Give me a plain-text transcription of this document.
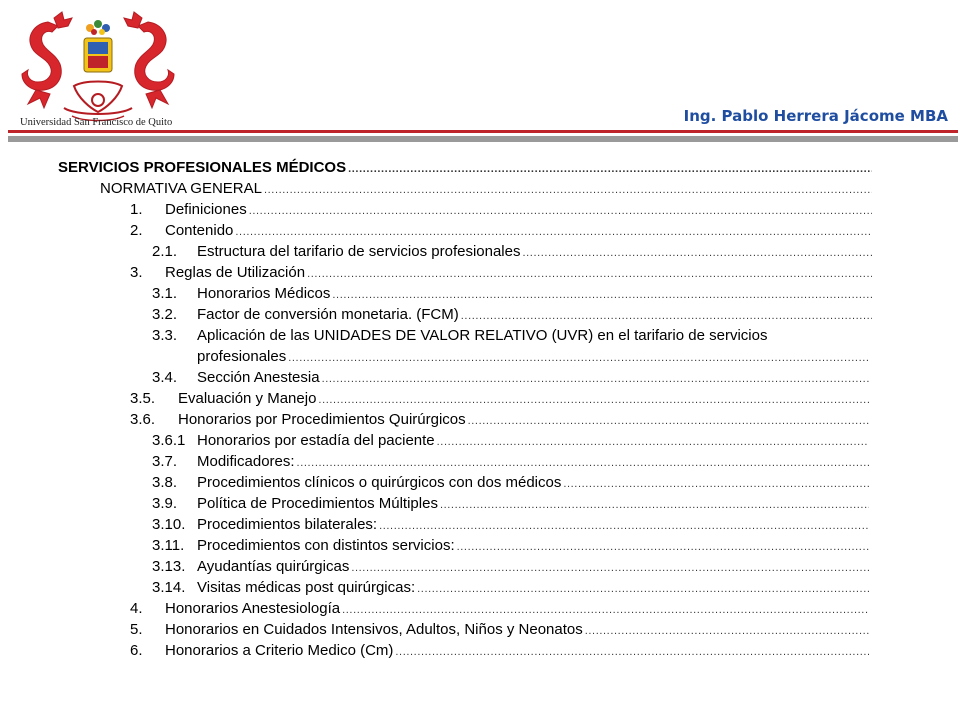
Universidad San Francisco de Quito	Ing. Pablo Herrera Jácome MBA
SERVICIOS PROFESIONALES MÉDICOS
.....
NORMATIVA GENERAL
.....
1.	Definiciones
.....
2.	Contenido
.....
2.1.	Estructura del tarifario de servicios profesionales
.....
3.	Reglas de Utilización
.....
3.1.	Honorarios Médicos
.....
3.2.	Factor de conversión monetaria. (FCM)
.....
3.3.	Aplicación de las UNIDADES DE VALOR RELATIVO (UVR) en el tarifario de servicios
profesionales
.....
3.4.	Sección Anestesia
.....
3.5.	Evaluación y Manejo
.....
3.6.	Honorarios por Procedimientos Quirúrgicos
.....
3.6.1 Honorarios por estadía del paciente
.....
3.7.	Modificadores:
.....
3.8.	Procedimientos clínicos o quirúrgicos con dos médicos
.....
3.9.	Política de Procedimientos Múltiples
.....
3.10. Procedimientos bilaterales:
.....
3.11. Procedimientos con distintos servicios:
.....
3.13. Ayudantías quirúrgicas
.....
3.14. Visitas médicas post quirúrgicas:
.....
4.	Honorarios Anestesiología
.....
5.	Honorarios en Cuidados Intensivos, Adultos, Niños y Neonatos
.....
6.	Honorarios a Criterio Medico (Cm)
.....
